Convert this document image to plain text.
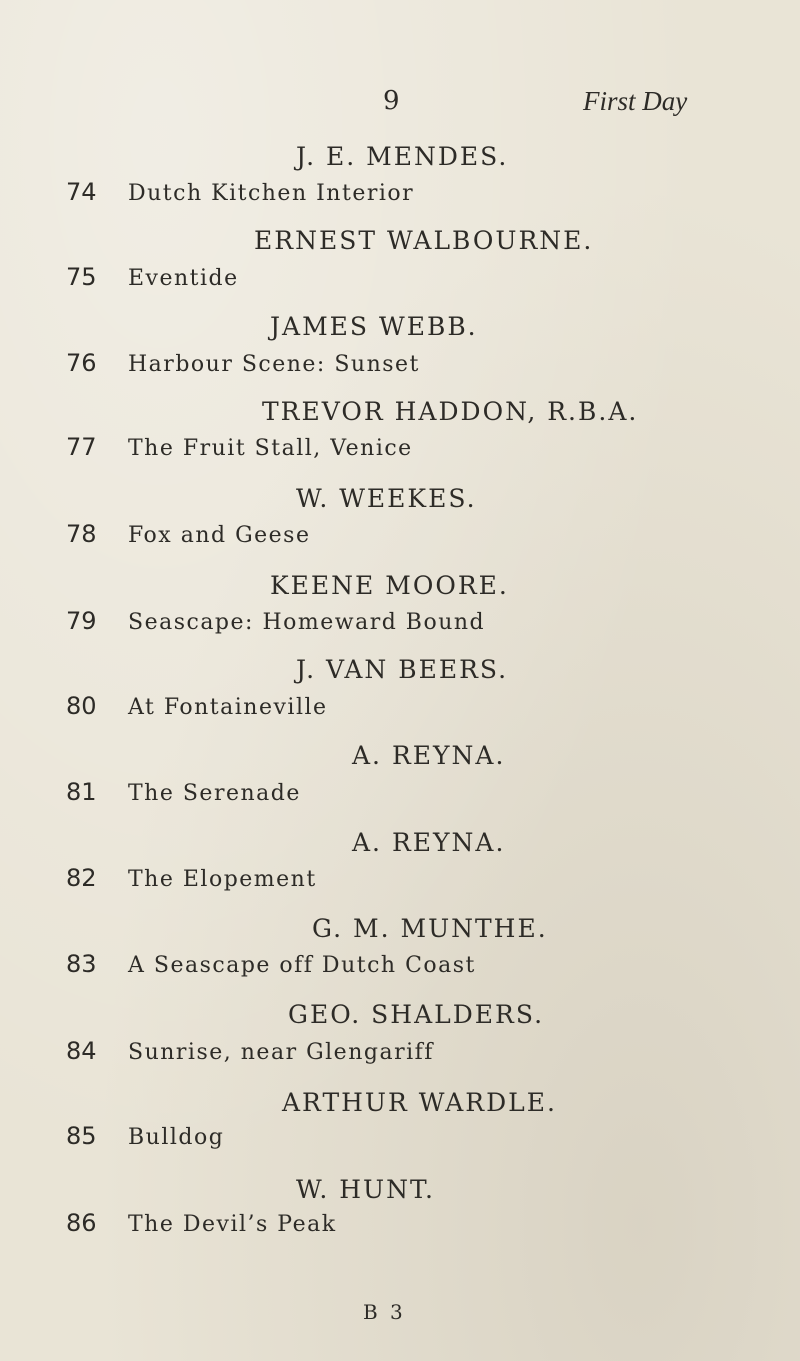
9	First Day
J. E. MENDES.
74 Dutch Kitchen Interior
ERNEST WALBOURNE.
75 Eventide
JAMES WEBB.
76 Harbour Scene: Sunset
TREVOR HADDON, R.B.A.
77 The Fruit Stall, Venice
W. WEEKES.
78 Fox and Geese
KEENE MOORE.
79 Seascape: Homeward Bound
J. VAN BEERS.
80 At Fontaineville
A. REYNA.
81 The Serenade
A. REYNA.
82 The Elopement
G. M. MUNTHE.
83 A Seascape off Dutch Coast
GEO. SHALDERS.
84 Sunrise, near Glengariff
ARTHUR WARDLE.
85 Bulldog
W. HUNT.
86 The Devil’s Peak
B 3
